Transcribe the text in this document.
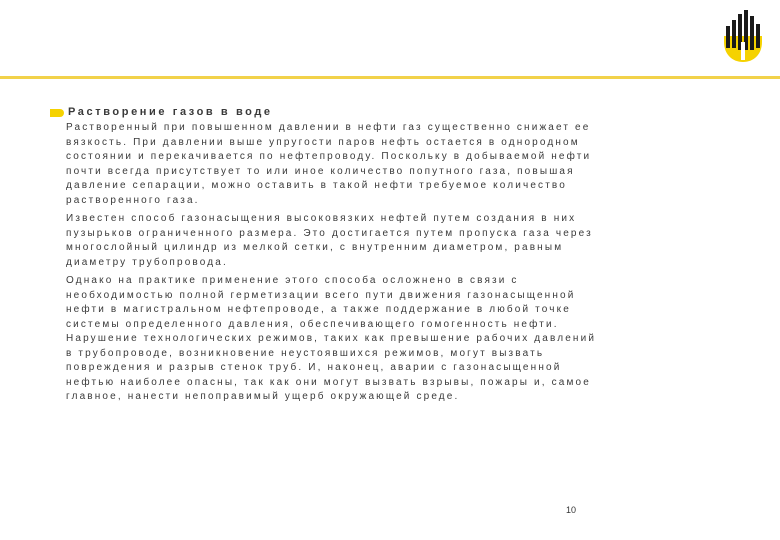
Растворение газов в воде

Растворенный при повышенном давлении в нефти газ существенно снижает ее
вязкость. При давлении выше упругости паров нефть остается в однородном
состоянии и перекачивается по нефтепроводу. Поскольку в добываемой нефти
почти всегда присутствует то или иное количество попутного газа, повышая
давление сепарации, можно оставить в такой нефти требуемое количество
растворенного газа.

Известен способ газонасыщения высоковязких нефтей путем создания в них
пузырьков ограниченного размера. Это достигается путем пропуска газа через
многослойный цилиндр из мелкой сетки, с внутренним диаметром, равным
диаметру трубопровода.

Однако на практике применение этого способа осложнено в связи с
необходимостью полной герметизации всего пути движения газонасыщенной
нефти в магистральном нефтепроводе, а также поддержание в любой точке
системы определенного давления, обеспечивающего гомогенность нефти.
Нарушение технологических режимов, таких как превышение рабочих давлений
в трубопроводе, возникновение неустоявшихся режимов, могут вызвать
повреждения и разрыв стенок труб. И, наконец, аварии с газонасыщенной
нефтью наиболее опасны, так как они могут вызвать взрывы, пожары и, самое
главное, нанести непоправимый ущерб окружающей среде.

10
